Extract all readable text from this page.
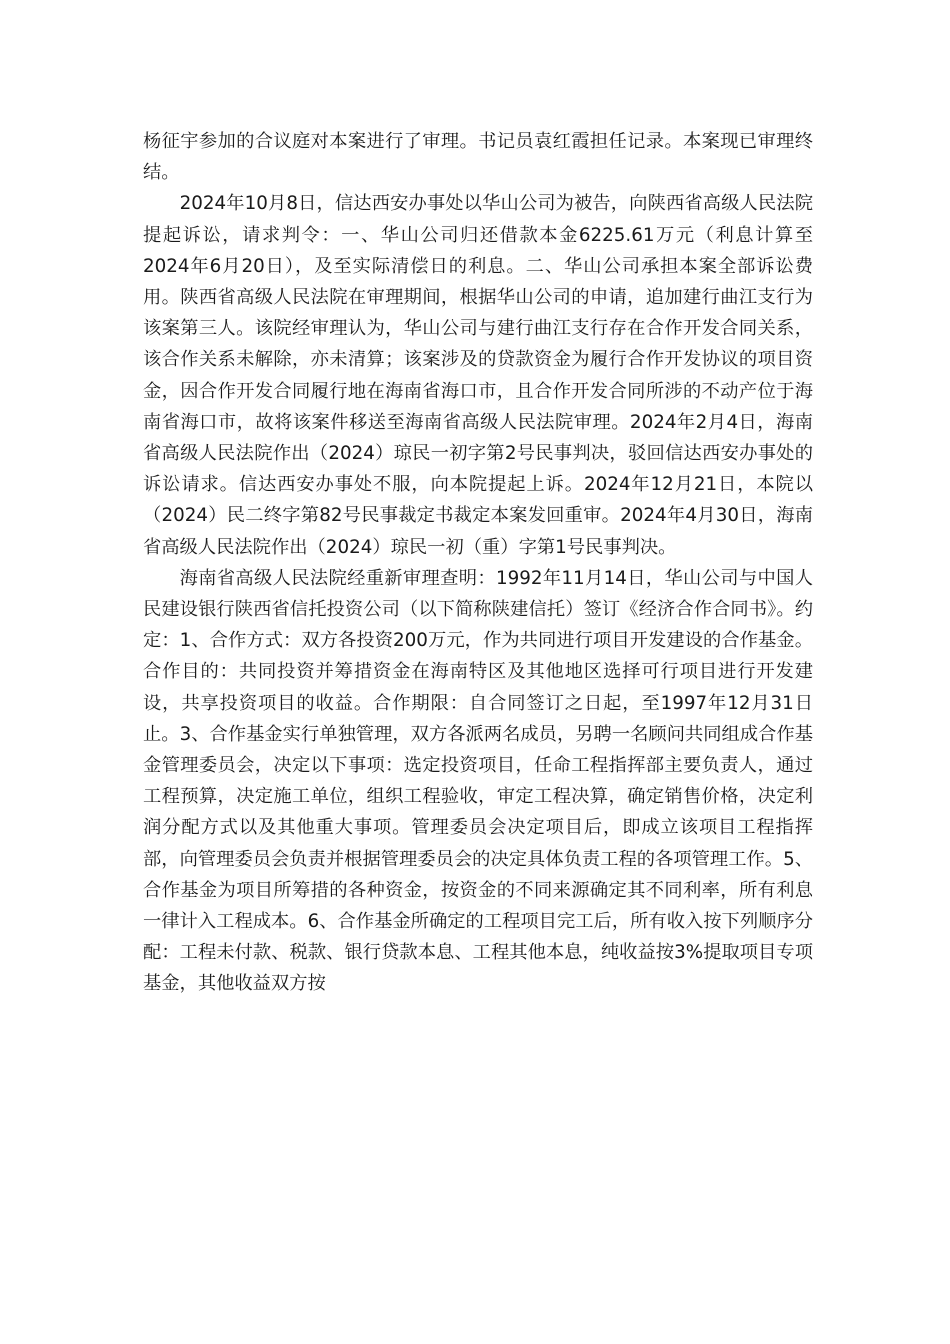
杨征宇参加的合议庭对本案进行了审理。书记员袁红霞担任记录。本案现已审理终结。

2024年10月8日，信达西安办事处以华山公司为被告，向陕西省高级人民法院提起诉讼，请求判令：一、华山公司归还借款本金6225.61万元（利息计算至2024年6月20日），及至实际清偿日的利息。二、华山公司承担本案全部诉讼费用。陕西省高级人民法院在审理期间，根据华山公司的申请，追加建行曲江支行为该案第三人。该院经审理认为，华山公司与建行曲江支行存在合作开发合同关系，该合作关系未解除，亦未清算；该案涉及的贷款资金为履行合作开发协议的项目资金，因合作开发合同履行地在海南省海口市，且合作开发合同所涉的不动产位于海南省海口市，故将该案件移送至海南省高级人民法院审理。2024年2月4日，海南省高级人民法院作出（2024）琼民一初字第2号民事判决，驳回信达西安办事处的诉讼请求。信达西安办事处不服，向本院提起上诉。2024年12月21日，本院以（2024）民二终字第82号民事裁定书裁定本案发回重审。2024年4月30日，海南省高级人民法院作出（2024）琼民一初（重）字第1号民事判决。

海南省高级人民法院经重新审理查明：1992年11月14日，华山公司与中国人民建设银行陕西省信托投资公司（以下简称陕建信托）签订《经济合作合同书》。约定：1、合作方式：双方各投资200万元，作为共同进行项目开发建设的合作基金。合作目的：共同投资并筹措资金在海南特区及其他地区选择可行项目进行开发建设，共享投资项目的收益。合作期限：自合同签订之日起，至1997年12月31日止。3、合作基金实行单独管理，双方各派两名成员，另聘一名顾问共同组成合作基金管理委员会，决定以下事项：选定投资项目，任命工程指挥部主要负责人，通过工程预算，决定施工单位，组织工程验收，审定工程决算，确定销售价格，决定利润分配方式以及其他重大事项。管理委员会决定项目后，即成立该项目工程指挥部，向管理委员会负责并根据管理委员会的决定具体负责工程的各项管理工作。5、合作基金为项目所筹措的各种资金，按资金的不同来源确定其不同利率，所有利息一律计入工程成本。6、合作基金所确定的工程项目完工后，所有收入按下列顺序分配：工程未付款、税款、银行贷款本息、工程其他本息，纯收益按3%提取项目专项基金，其他收益双方按
